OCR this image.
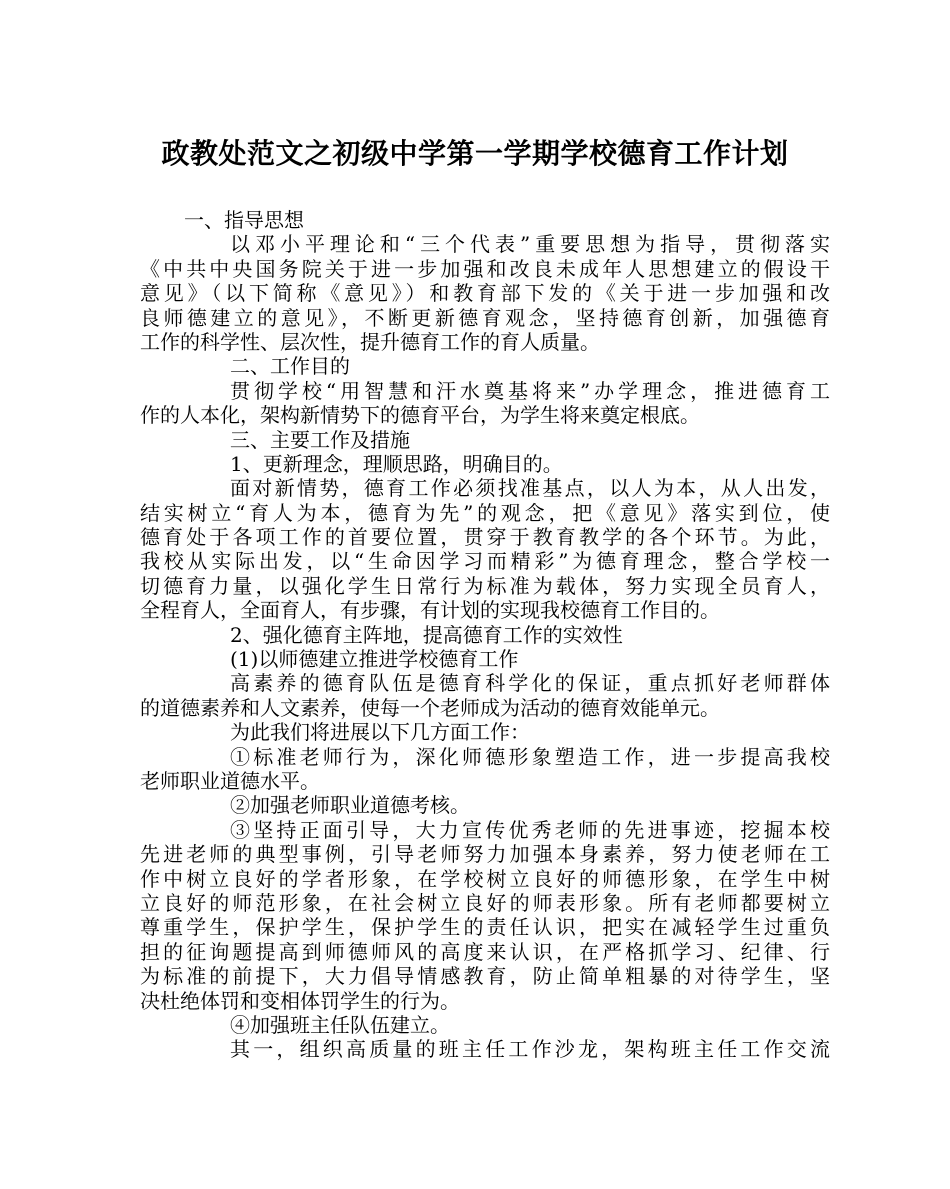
政教处范文之初级中学第一学期学校德育工作计划
一、指导思想
以邓小平理论和“三个代表”重要思想为指导，贯彻落实
《中共中央国务院关于进一步加强和改良未成年人思想建立的假设干
意见》（以下简称《意见》）和教育部下发的《关于进一步加强和改
良师德建立的意见》，不断更新德育观念，坚持德育创新，加强德育
工作的科学性、层次性，提升德育工作的育人质量。
二、工作目的
贯彻学校“用智慧和汗水奠基将来”办学理念，推进德育工
作的人本化，架构新情势下的德育平台，为学生将来奠定根底。
三、主要工作及措施
1、更新理念，理顺思路，明确目的。
面对新情势，德育工作必须找准基点，以人为本，从人出发，
结实树立“育人为本，德育为先”的观念，把《意见》落实到位，使
德育处于各项工作的首要位置，贯穿于教育教学的各个环节。为此，
我校从实际出发，以“生命因学习而精彩”为德育理念，整合学校一
切德育力量，以强化学生日常行为标准为载体，努力实现全员育人，
全程育人，全面育人，有步骤，有计划的实现我校德育工作目的。
2、强化德育主阵地，提高德育工作的实效性
(1)以师德建立推进学校德育工作
高素养的德育队伍是德育科学化的保证，重点抓好老师群体
的道德素养和人文素养，使每一个老师成为活动的德育效能单元。
为此我们将进展以下几方面工作：
①标准老师行为，深化师德形象塑造工作，进一步提高我校
老师职业道德水平。
②加强老师职业道德考核。
③坚持正面引导，大力宣传优秀老师的先进事迹，挖掘本校
先进老师的典型事例，引导老师努力加强本身素养，努力使老师在工
作中树立良好的学者形象，在学校树立良好的师德形象，在学生中树
立良好的师范形象，在社会树立良好的师表形象。所有老师都要树立
尊重学生，保护学生，保护学生的责任认识，把实在减轻学生过重负
担的征询题提高到师德师风的高度来认识，在严格抓学习、纪律、行
为标准的前提下，大力倡导情感教育，防止简单粗暴的对待学生，坚
决杜绝体罚和变相体罚学生的行为。
④加强班主任队伍建立。
其一，组织高质量的班主任工作沙龙，架构班主任工作交流
